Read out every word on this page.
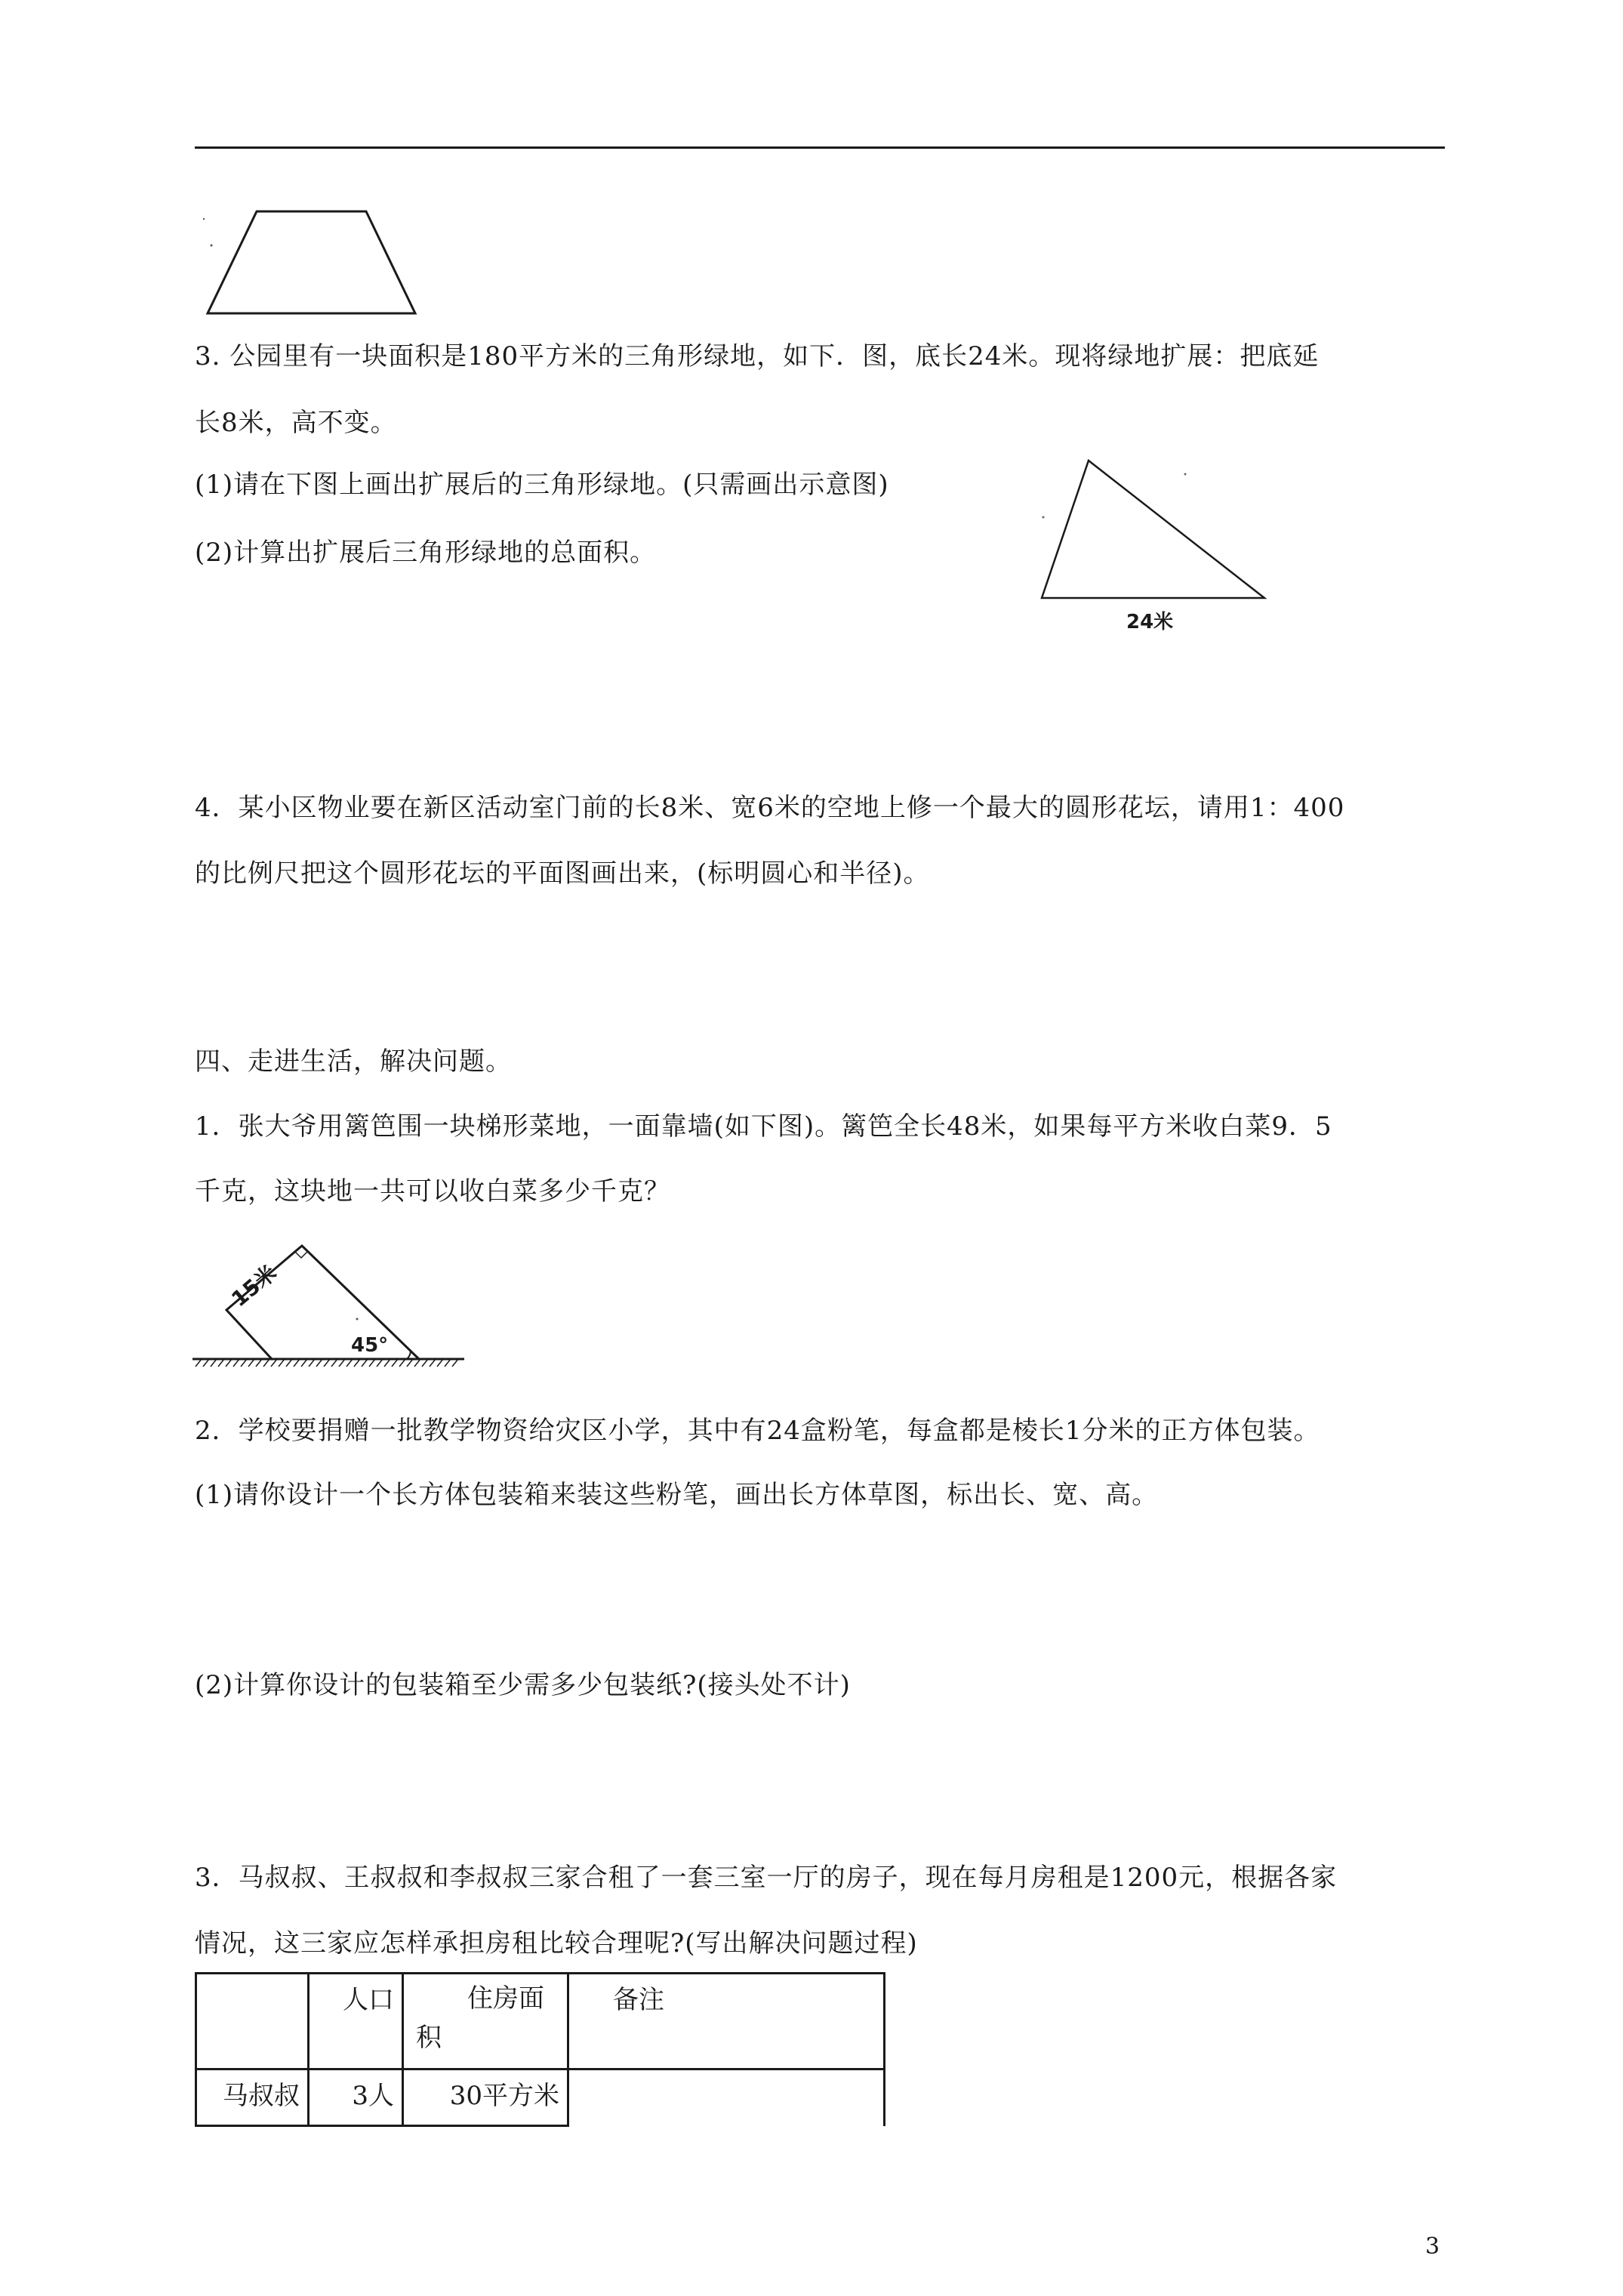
3. 公园里有一块面积是180平方米的三角形绿地，如下．图，底长24米。现将绿地扩展：把底延
长8米，高不变。
(1)请在下图上画出扩展后的三角形绿地。(只需画出示意图)
(2)计算出扩展后三角形绿地的总面积。
24米
4．某小区物业要在新区活动室门前的长8米、宽6米的空地上修一个最大的圆形花坛，请用1：400
的比例尺把这个圆形花坛的平面图画出来，(标明圆心和半径)。
四、走进生活，解决问题。
1．张大爷用篱笆围一块梯形菜地，一面靠墙(如下图)。篱笆全长48米，如果每平方米收白菜9．5
千克，这块地一共可以收白菜多少千克？
15米
45°
2．学校要捐赠一批教学物资给灾区小学，其中有24盒粉笔，每盒都是棱长1分米的正方体包装。
(1)请你设计一个长方体包装箱来装这些粉笔，画出长方体草图，标出长、宽、高。
(2)计算你设计的包装箱至少需多少包装纸?(接头处不计)
3．马叔叔、王叔叔和李叔叔三家合租了一套三室一厅的房子，现在每月房租是1200元，根据各家
情况，这三家应怎样承担房租比较合理呢?(写出解决问题过程)
	人口	住房面积	备注
马叔叔	3人	30平方米	
3
